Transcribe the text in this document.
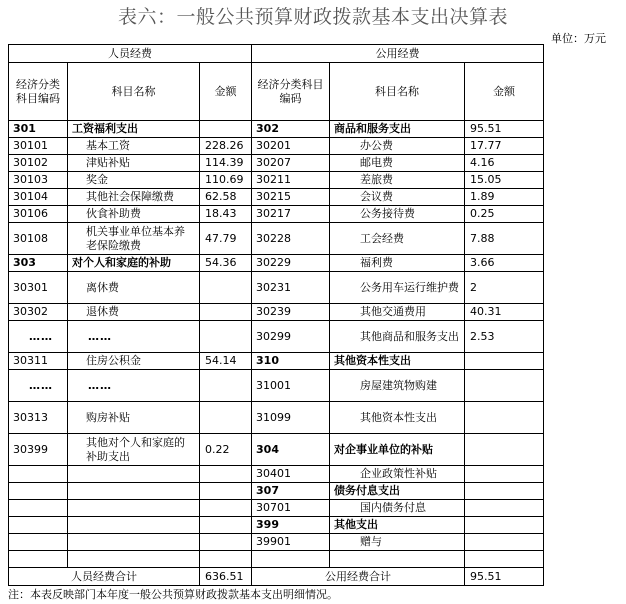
表六：一般公共预算财政拨款基本支出决算表
单位：万元
人员经费			公用经费		
经济分类科目编码	科目名称	金额	经济分类科目编码	科目名称	金额
301	工资福利支出		302	商品和服务支出	95.51
30101	基本工资	228.26	30201	办公费	17.77
30102	津贴补贴	114.39	30207	邮电费	4.16
30103	奖金	110.69	30211	差旅费	15.05
30104	其他社会保障缴费	62.58	30215	会议费	1.89
30106	伙食补助费	18.43	30217	公务接待费	0.25
30108	机关事业单位基本养老保险缴费	47.79	30228	工会经费	7.88
303	对个人和家庭的补助	54.36	30229	福利费	3.66
30301	离休费		30231	公务用车运行维护费	2
30302	退休费		30239	其他交通费用	40.31
……	……		30299	其他商品和服务支出	2.53
30311	住房公积金	54.14	310	其他资本性支出	
……	……		31001	房屋建筑物购建	
30313	购房补贴		31099	其他资本性支出	
30399	其他对个人和家庭的补助支出	0.22	304	对企事业单位的补贴	
			30401	企业政策性补贴	
			307	债务付息支出	
			30701	国内债务付息	
			399	其他支出	
			39901	赠与	

人员经费合计		636.51	公用经费合计		95.51
注：本表反映部门本年度一般公共预算财政拨款基本支出明细情况。
